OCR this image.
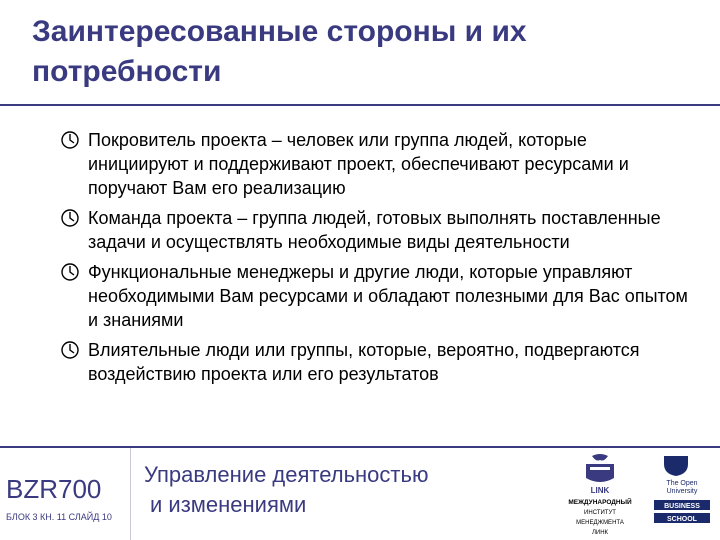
Заинтересованные стороны и их потребности
Покровитель проекта – человек или группа людей, которые инициируют и поддерживают проект, обеспечивают ресурсами и поручают Вам его реализацию
Команда проекта – группа людей, готовых выполнять поставленные задачи и осуществлять необходимые виды деятельности
Функциональные менеджеры и другие люди, которые управляют необходимыми Вам ресурсами и обладают полезными для Вас опытом и знаниями
Влиятельные люди или группы, которые, вероятно, подвергаются воздействию проекта или его результатов
BZR700
БЛОК 3 КН. 11 СЛАЙД 10
Управление деятельностью
и изменениями
LINK
МЕЖДУНАРОДНЫЙ
ИНСТИТУТ
МЕНЕДЖМЕНТА
ЛИНК
The Open
University
BUSINESS
SCHOOL
